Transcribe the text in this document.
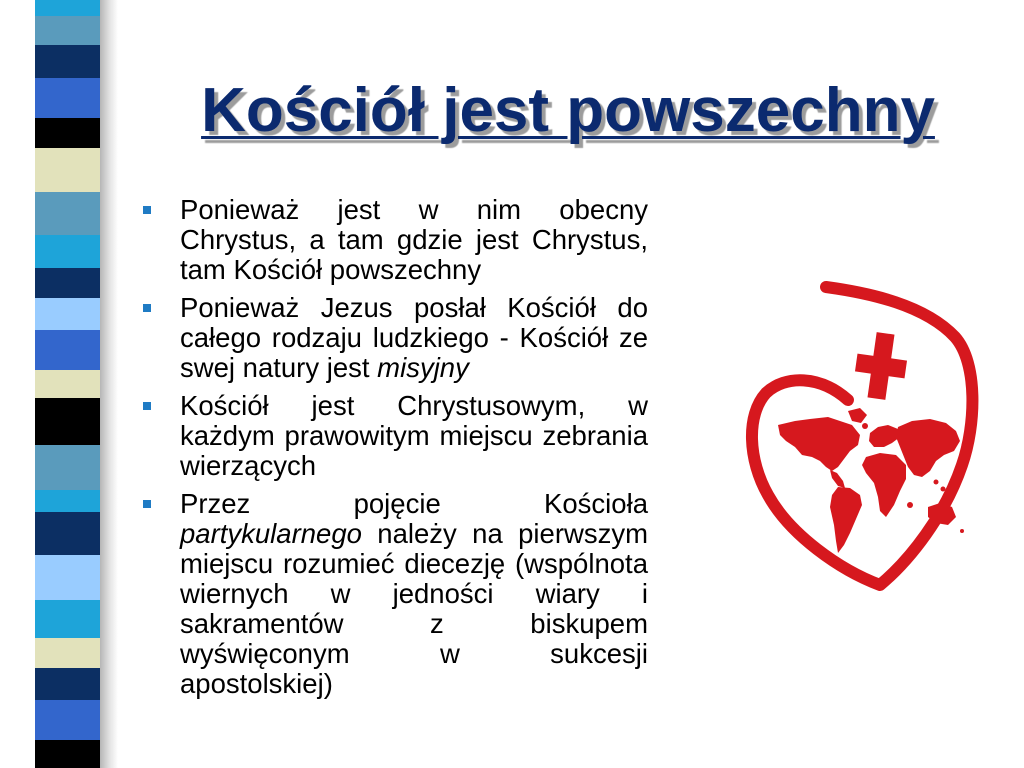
Kościół jest powszechny
Ponieważ jest w nim obecny
Chrystus, a tam gdzie jest Chrystus,
tam Kościół powszechny
Ponieważ Jezus posłał Kościół do
całego rodzaju ludzkiego - Kościół ze
swej natury jest misyjny
Kościół jest Chrystusowym, w
każdym prawowitym miejscu zebrania
wierzących
Przez pojęcie Kościoła
partykularnego należy na pierwszym
miejscu rozumieć diecezję (wspólnota
wiernych w jedności wiary i
sakramentów z biskupem
wyświęconym w sukcesji
apostolskiej)
